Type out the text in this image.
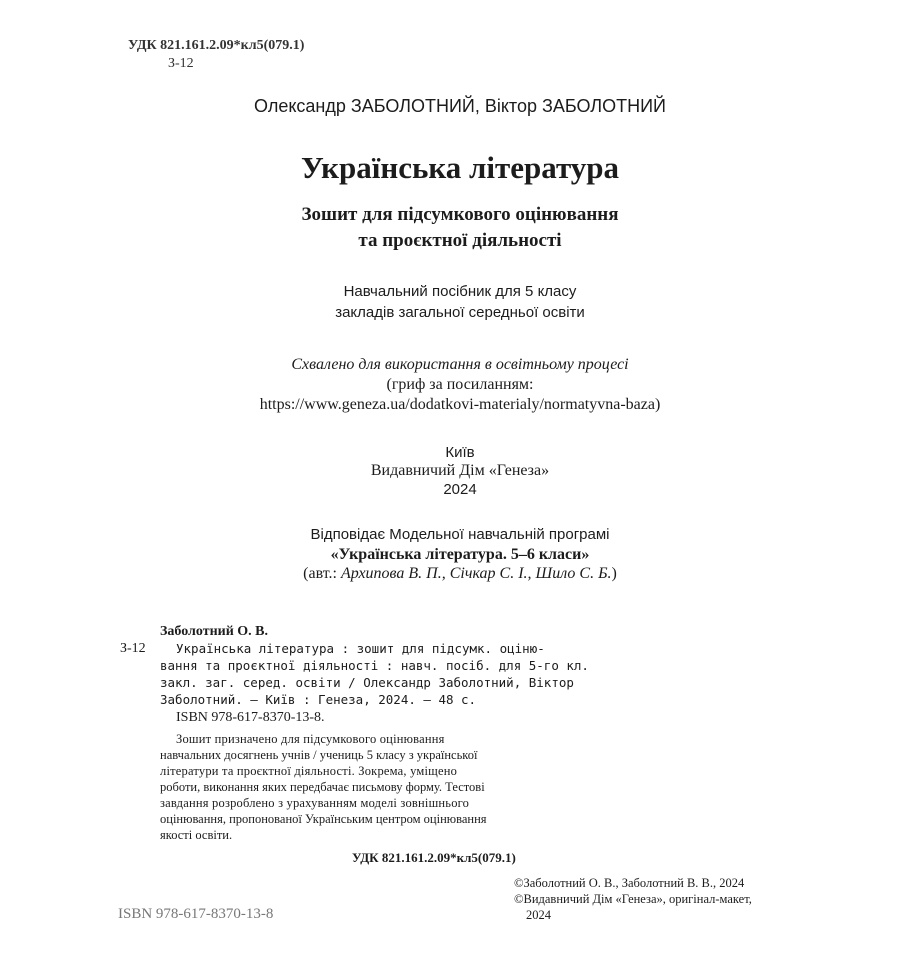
УДК 821.161.2.09*кл5(079.1)
З-12
Олександр ЗАБОЛОТНИЙ, Віктор ЗАБОЛОТНИЙ
Українська література
Зошит для підсумкового оцінювання
та проєктної діяльності
Навчальний посібник для 5 класу
закладів загальної середньої освіти
Схвалено для використання в освітньому процесі
(гриф за посиланням:
https://www.geneza.ua/dodatkovi-materialy/normatyvna-baza)
Київ
Видавничий Дім «Генеза»
2024
Відповідає Модельної навчальній програмі
«Українська література. 5–6 класи»
(авт.: Архипова В. П., Січкар С. І., Шило С. Б.)
Заболотний О. В.
З-12 Українська література : зошит для підсумк. оціню-
вання та проєктної діяльності : навч. посіб. для 5-го кл.
закл. заг. серед. освіти / Олександр Заболотний, Віктор
Заболотний. – Київ : Генеза, 2024. – 48 с.
ISBN 978-617-8370-13-8.
Зошит призначено для підсумкового оцінювання
навчальних досягнень учнів / учениць 5 класу з української
літератури та проєктної діяльності. Зокрема, уміщено
роботи, виконання яких передбачає письмову форму. Тестові
завдання розроблено з урахуванням моделі зовнішнього
оцінювання, пропонованої Українським центром оцінювання
якості освіти.
УДК 821.161.2.09*кл5(079.1)
ISBN 978-617-8370-13-8
©Заболотний О. В., Заболотний В. В., 2024
©Видавничий Дім «Генеза», оригінал-макет,
2024
